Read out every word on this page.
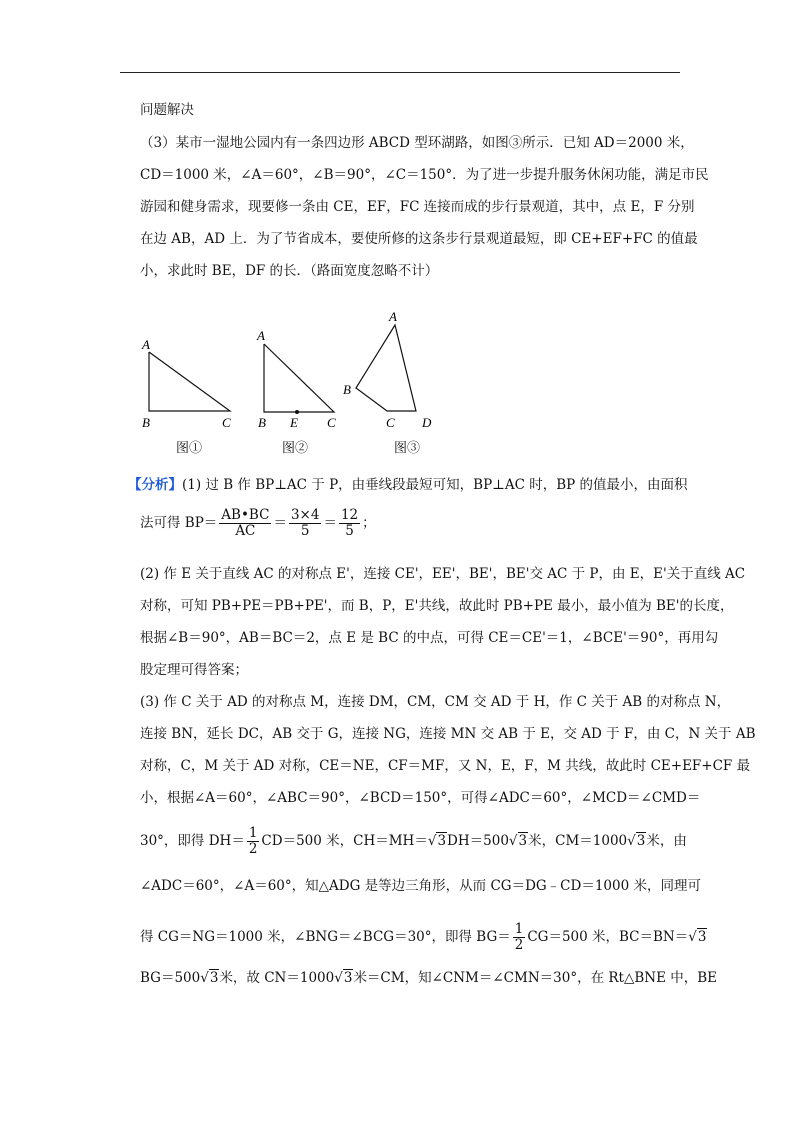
问题解决
（3）某市一湿地公园内有一条四边形 ABCD 型环湖路，如图③所示．已知 AD＝2000 米，
CD＝1000 米，∠A＝60°，∠B＝90°，∠C＝150°．为了进一步提升服务休闲功能，满足市民
游园和健身需求，现要修一条由 CE，EF，FC 连接而成的步行景观道，其中，点 E，F 分别
在边 AB，AD 上．为了节省成本，要使所修的这条步行景观道最短，即 CE+EF+FC 的值最
小，求此时 BE，DF 的长．（路面宽度忽略不计）
A
B	C
A
B E C
A
B
C D
图①	图②	图③
【分析】(1) 过 B 作 BP⊥AC 于 P，由垂线段最短可知，BP⊥AC 时，BP 的值最小，由面积
法可得 $BP= \frac{AB•BC}{AC} = \frac{3\times 4}{5} = \frac{12}{5}$ ；
(2) 作 E 关于直线 AC 的对称点 E'，连接 CE'，EE'，BE'，BE'交 AC 于 P，由 E，E'关于直线 AC
对称，可知 PB+PE＝PB+PE'，而 B，P，E'共线，故此时 PB+PE 最小，最小值为 BE'的长度，
根据∠B＝90°，AB＝BC＝2，点 E 是 BC 的中点，可得 CE＝CE'＝1，∠BCE'＝90°，再用勾
股定理可得答案；
(3) 作 C 关于 AD 的对称点 M，连接 DM，CM，CM 交 AD 于 H，作 C 关于 AB 的对称点 N，
连接 BN，延长 DC，AB 交于 G，连接 NG，连接 MN 交 AB 于 E，交 AD 于 F，由 C，N 关于 AB
对称，C，M 关于 AD 对称，CE＝NE，CF＝MF，又 N，E，F，M 共线，故此时 CE+EF+CF 最
小，根据∠A＝60°，∠ABC＝90°，∠BCD＝150°，可得∠ADC＝60°，∠MCD＝∠CMD＝
30°，即得 $DH= \frac{1}{2} CD=500$ 米，CH＝MH＝√3DH＝500√3米，CM＝1000√3米，由
∠ADC＝60°，∠A＝60°，知△ADG 是等边三角形，从而 CG＝DG﹣CD＝1000 米，同理可
得 CG＝NG＝1000 米，∠BNG＝∠BCG＝30°，即得 $BG= \frac{1}{2} CG=500$ 米，BC＝BN＝√3
BG＝500√3米，故 CN＝1000√3米＝CM，知∠CNM＝∠CMN＝30°，在 Rt△BNE 中，BE
